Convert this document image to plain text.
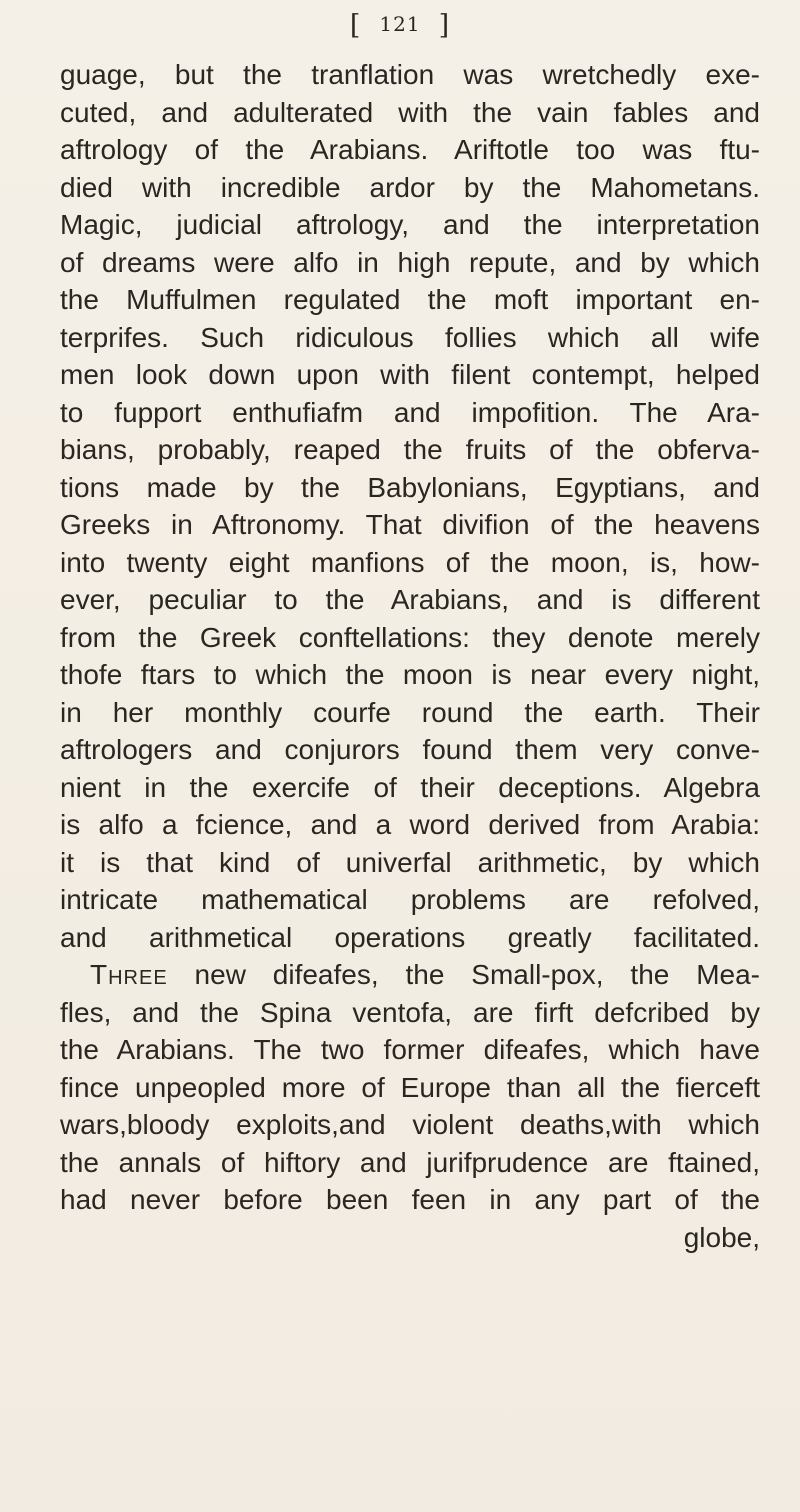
[ 121 ]
guage, but the tranflation was wretchedly exe-
cuted, and adulterated with the vain fables and
aftrology of the Arabians. Ariftotle too was ftu-
died with incredible ardor by the Mahometans.
Magic, judicial aftrology, and the interpretation
of dreams were alfo in high repute, and by which
the Muffulmen regulated the moft important en-
terprifes. Such ridiculous follies which all wife
men look down upon with filent contempt, helped
to fupport enthufiafm and impofition. The Ara-
bians, probably, reaped the fruits of the obferva-
tions made by the Babylonians, Egyptians, and
Greeks in Aftronomy. That divifion of the heavens
into twenty eight manfions of the moon, is, how-
ever, peculiar to the Arabians, and is different
from the Greek conftellations: they denote merely
thofe ftars to which the moon is near every night,
in her monthly courfe round the earth. Their
aftrologers and conjurors found them very conve-
nient in the exercife of their deceptions. Algebra
is alfo a fcience, and a word derived from Arabia:
it is that kind of univerfal arithmetic, by which
intricate mathematical problems are refolved,
and arithmetical operations greatly facilitated.
Three new difeafes, the Small-pox, the Mea-
fles, and the Spina ventofa, are firft defcribed by
the Arabians. The two former difeafes, which have
fince unpeopled more of Europe than all the fierceft
wars,bloody exploits,and violent deaths,with which
the annals of hiftory and jurifprudence are ftained,
had never before been feen in any part of the
globe,
